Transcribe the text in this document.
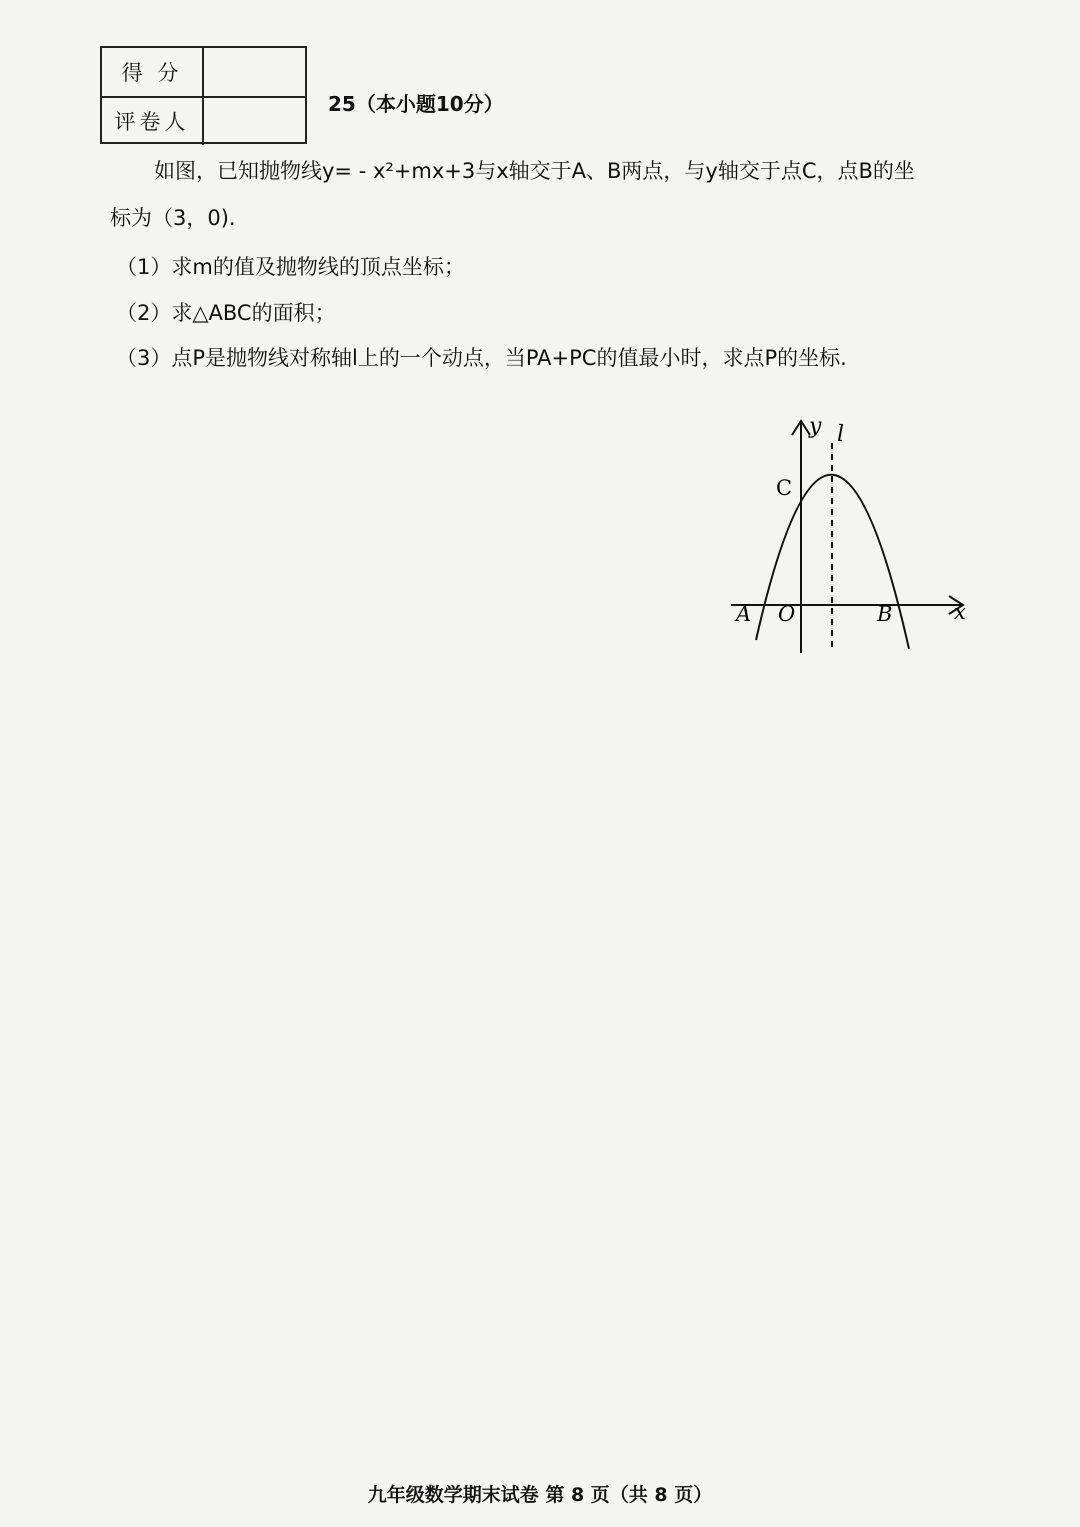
得 分
评卷人
25（本小题10分）
如图，已知抛物线y= - x²+mx+3与x轴交于A、B两点，与y轴交于点C，点B的坐
标为（3，0).
（1）求m的值及抛物线的顶点坐标；
（2）求△ABC的面积；
（3）点P是抛物线对称轴l上的一个动点，当PA+PC的值最小时，求点P的坐标.
y l
C
A O	B	x
九年级数学期末试卷 第 8 页（共 8 页）
